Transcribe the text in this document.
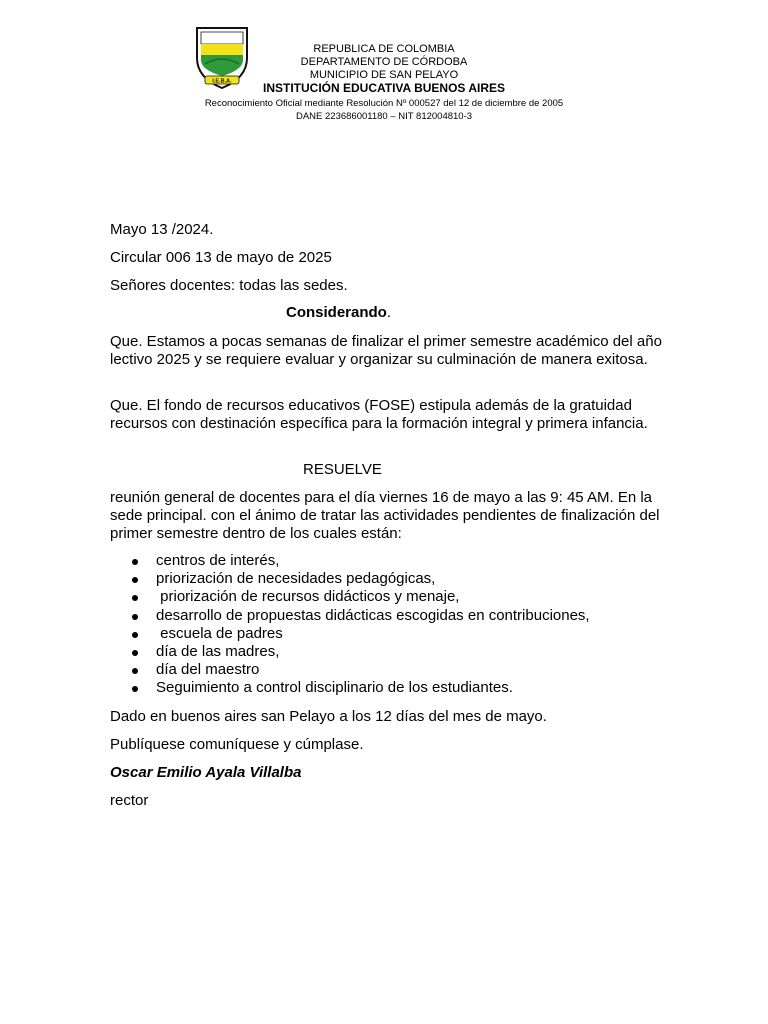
I.E.B.A.
REPUBLICA DE COLOMBIA
DEPARTAMENTO DE CÓRDOBA
MUNICIPIO DE SAN PELAYO
INSTITUCIÓN EDUCATIVA BUENOS AIRES
Reconocimiento Oficial mediante Resolución Nº 000527 del 12 de diciembre de 2005
DANE 223686001180 – NIT 812004810-3
Mayo 13 /2024.
Circular 006 13 de mayo de 2025
Señores docentes: todas las sedes.
Considerando.

Que. Estamos a pocas semanas de finalizar el primer semestre académico del año lectivo 2025 y se requiere evaluar y organizar su culminación de manera exitosa.

Que. El fondo de recursos educativos (FOSE) estipula además de la gratuidad recursos con destinación específica para la formación integral y primera infancia.

RESUELVE

reunión general de docentes para el día viernes 16 de mayo a las 9: 45 AM. En la sede principal. con el ánimo de tratar las actividades pendientes de finalización del primer semestre dentro de los cuales están:

centros de interés,
priorización de necesidades pedagógicas,
priorización de recursos didácticos y menaje,
desarrollo de propuestas didácticas escogidas en contribuciones,
escuela de padres
día de las madres,
día del maestro
Seguimiento a control disciplinario de los estudiantes.
Dado en buenos aires san Pelayo a los 12 días del mes de mayo.
Publíquese comuníquese y cúmplase.
Oscar Emilio Ayala Villalba
rector
